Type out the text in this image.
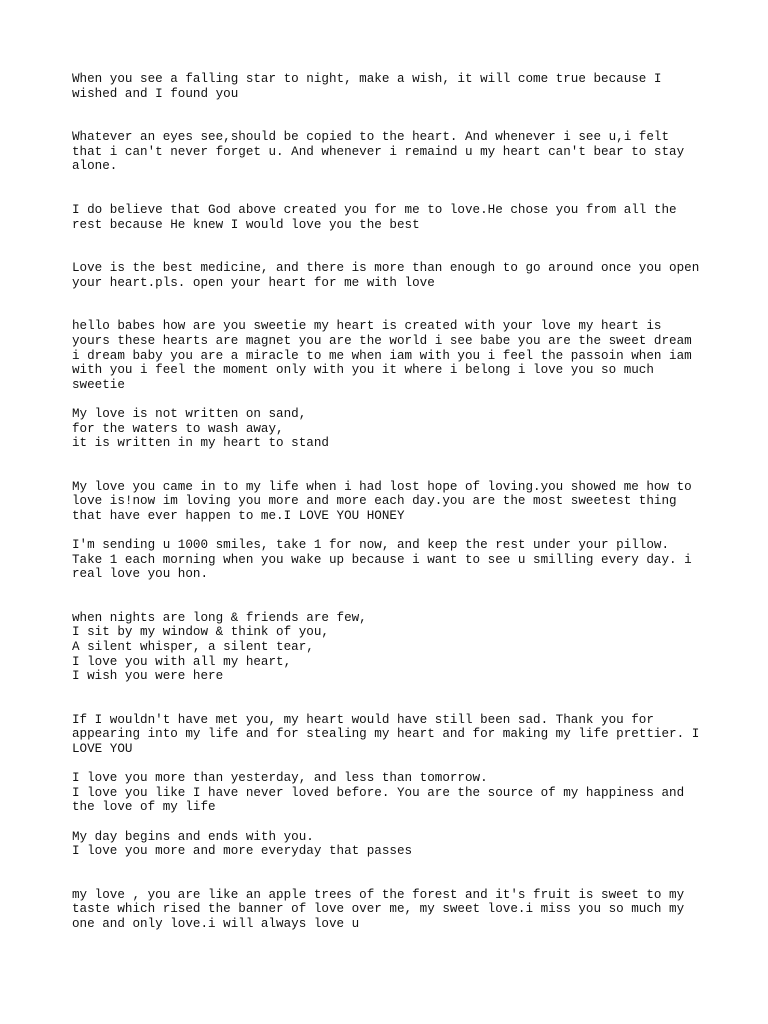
When you see a falling star to night, make a wish, it will come true because I
wished and I found you

Whatever an eyes see,should be copied to the heart. And whenever i see u,i felt
that i can't never forget u. And whenever i remaind u my heart can't bear to stay
alone.

I do believe that God above created you for me to love.He chose you from all the
rest because He knew I would love you the best

Love is the best medicine, and there is more than enough to go around once you open
your heart.pls. open your heart for me with love

hello babes how are you sweetie my heart is created with your love my heart is
yours these hearts are magnet you are the world i see babe you are the sweet dream
i dream baby you are a miracle to me when iam with you i feel the passoin when iam
with you i feel the moment only with you it where i belong i love you so much
sweetie

My love is not written on sand,
for the waters to wash away,
it is written in my heart to stand

My love you came in to my life when i had lost hope of loving.you showed me how to
love is!now im loving you more and more each day.you are the most sweetest thing
that have ever happen to me.I LOVE YOU HONEY

I'm sending u 1000 smiles, take 1 for now, and keep the rest under your pillow.
Take 1 each morning when you wake up because i want to see u smilling every day. i
real love you hon.

when nights are long & friends are few,
I sit by my window & think of you,
A silent whisper, a silent tear,
I love you with all my heart,
I wish you were here

If I wouldn't have met you, my heart would have still been sad. Thank you for
appearing into my life and for stealing my heart and for making my life prettier. I
LOVE YOU

I love you more than yesterday, and less than tomorrow.
I love you like I have never loved before. You are the source of my happiness and
the love of my life

My day begins and ends with you.
I love you more and more everyday that passes

my love , you are like an apple trees of the forest and it's fruit is sweet to my
taste which rised the banner of love over me, my sweet love.i miss you so much my
one and only love.i will always love u
